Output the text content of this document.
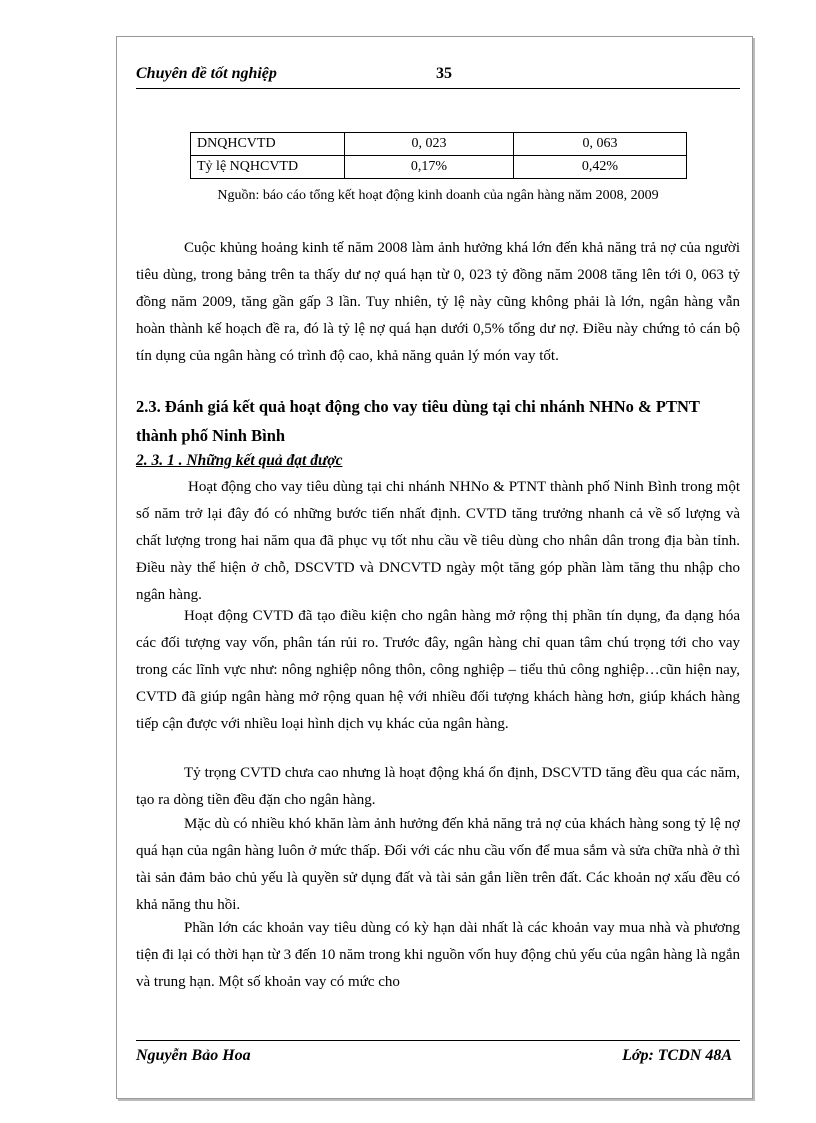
Chuyên đề tốt nghiệp	35
DNQHCVTD	0, 023	0, 063
Tỷ lệ NQHCVTD	0,17%	0,42%
Nguồn: báo cáo tổng kết hoạt động kinh doanh của ngân hàng năm 2008, 2009

Cuộc khủng hoảng kinh tế năm 2008 làm ảnh hưởng khá lớn đến khả năng trả nợ của người tiêu dùng, trong bảng trên ta thấy dư nợ quá hạn từ 0, 023 tỷ đồng năm 2008 tăng lên tới 0, 063 tỷ đồng năm 2009, tăng gần gấp 3 lần. Tuy nhiên, tỷ lệ này cũng không phải là lớn, ngân hàng vẫn hoàn thành kế hoạch đề ra, đó là tỷ lệ nợ quá hạn dưới 0,5% tổng dư nợ. Điều này chứng tỏ cán bộ tín dụng của ngân hàng có trình độ cao, khả năng quản lý món vay tốt.

2.3. Đánh giá kết quả hoạt động cho vay tiêu dùng tại chi nhánh NHNo & PTNT thành phố Ninh Bình

2. 3. 1 . Những kết quả đạt được

Hoạt động cho vay tiêu dùng tại chi nhánh NHNo & PTNT thành phố Ninh Bình trong một số năm trở lại đây đó có những bước tiến nhất định. CVTD tăng trưởng nhanh cả về số lượng và chất lượng trong hai năm qua đã phục vụ tốt nhu cầu về tiêu dùng cho nhân dân trong địa bàn tỉnh. Điều này thể hiện ở chỗ, DSCVTD và DNCVTD ngày một tăng góp phần làm tăng thu nhập cho ngân hàng.

Hoạt động CVTD đã tạo điều kiện cho ngân hàng mở rộng thị phần tín dụng, đa dạng hóa các đối tượng vay vốn, phân tán rủi ro. Trước đây, ngân hàng chỉ quan tâm chú trọng tới cho vay trong các lĩnh vực như: nông nghiệp nông thôn, công nghiệp – tiểu thủ công nghiệp…cũn hiện nay, CVTD đã giúp ngân hàng mở rộng quan hệ với nhiều đối tượng khách hàng hơn, giúp khách hàng tiếp cận được với nhiều loại hình dịch vụ khác của ngân hàng.

Tỷ trọng CVTD chưa cao nhưng là hoạt động khá ổn định, DSCVTD tăng đều qua các năm, tạo ra dòng tiền đều đặn cho ngân hàng.

Mặc dù có nhiều khó khăn làm ảnh hưởng đến khả năng trả nợ của khách hàng song tỷ lệ nợ quá hạn của ngân hàng luôn ở mức thấp. Đối với các nhu cầu vốn để mua sắm và sửa chữa nhà ở thì tài sản đảm bảo chủ yếu là quyền sử dụng đất và tài sản gắn liền trên đất. Các khoản nợ xấu đều có khả năng thu hồi.

Phần lớn các khoản vay tiêu dùng có kỳ hạn dài nhất là các khoản vay mua nhà và phương tiện đi lại có thời hạn từ 3 đến 10 năm trong khi nguồn vốn huy động chủ yếu của ngân hàng là ngắn và trung hạn. Một số khoản vay có mức cho

Nguyễn Bảo Hoa	Lớp: TCDN 48A
